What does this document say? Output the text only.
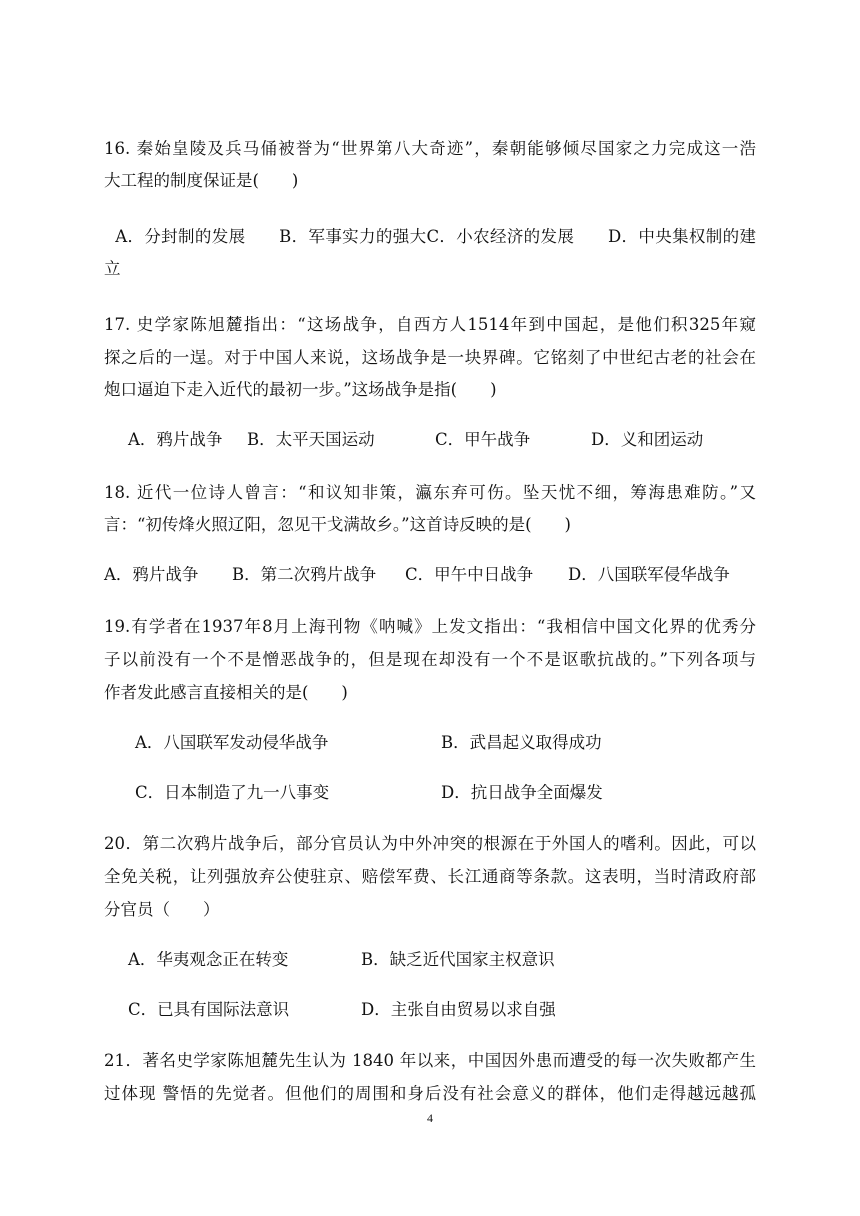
16. 秦始皇陵及兵马俑被誉为“世界第八大奇迹”，秦朝能够倾尽国家之力完成这一浩
大工程的制度保证是(　　)
A．分封制的发展　　B．军事实力的强大C．小农经济的发展　　D．中央集权制的建
立
17. 史学家陈旭麓指出：“这场战争，自西方人1514年到中国起，是他们积325年窥
探之后的一逞。对于中国人来说，这场战争是一块界碑。它铭刻了中世纪古老的社会在
炮口逼迫下走入近代的最初一步。”这场战争是指(　　)
A．鸦片战争 B．太平天国运动	C．甲午战争	D．义和团运动
18. 近代一位诗人曾言：“和议知非策，瀛东弃可伤。坠天忧不细，筹海患难防。”又
言：“初传烽火照辽阳，忽见干戈满故乡。”这首诗反映的是(　　)
A．鸦片战争 B．第二次鸦片战争 C．甲午中日战争 D．八国联军侵华战争
19.有学者在1937年8月上海刊物《呐喊》上发文指出：“我相信中国文化界的优秀分
子以前没有一个不是憎恶战争的，但是现在却没有一个不是讴歌抗战的。”下列各项与
作者发此感言直接相关的是(　　)
A．八国联军发动侵华战争	B．武昌起义取得成功
C．日本制造了九一八事变	D．抗日战争全面爆发
20．第二次鸦片战争后，部分官员认为中外冲突的根源在于外国人的嗜利。因此，可以
全免关税，让列强放弃公使驻京、赔偿军费、长江通商等条款。这表明，当时清政府部
分官员（　　）
A．华夷观念正在转变	B．缺乏近代国家主权意识
C．已具有国际法意识	D．主张自由贸易以求自强
21．著名史学家陈旭麓先生认为 1840 年以来，中国因外患而遭受的每一次失败都产生
过体现 警悟的先觉者。但他们的周围和身后没有社会意义的群体，他们走得越远越孤
4
